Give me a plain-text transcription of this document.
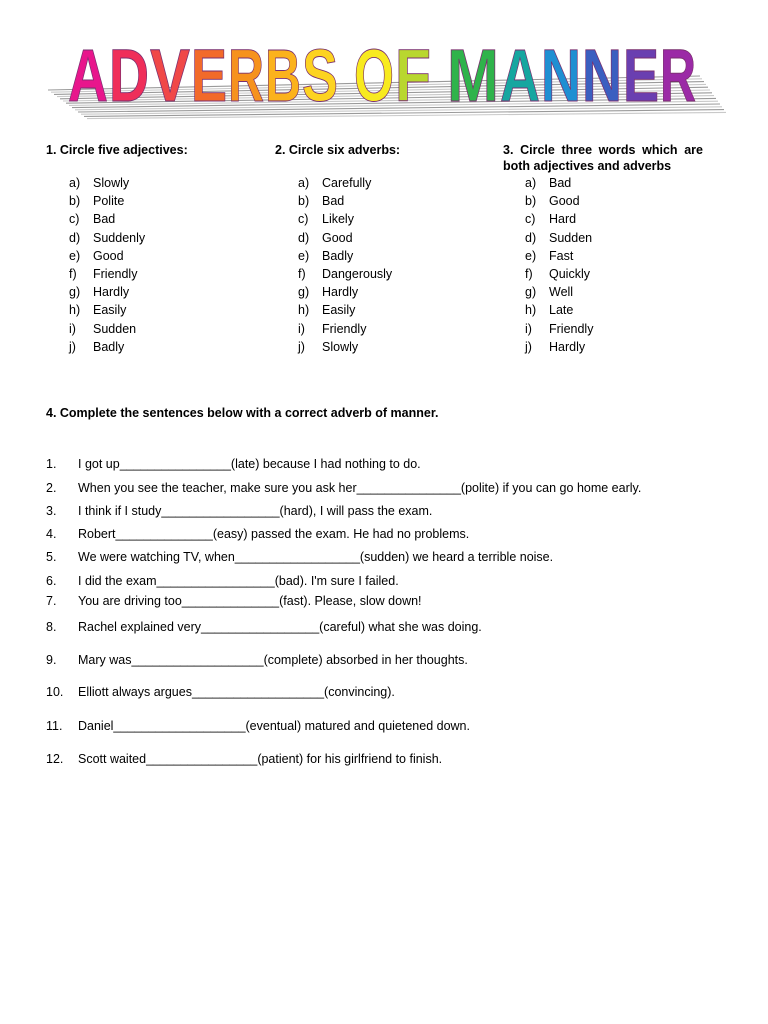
A D V E R B S O F M A N N E R
1. Circle five adjectives:
a) Slowly
b) Polite
c) Bad
d) Suddenly
e) Good
f) Friendly
g) Hardly
h) Easily
i) Sudden
j) Badly
2. Circle six adverbs:
a) Carefully
b) Bad
c) Likely
d) Good
e) Badly
f) Dangerously
g) Hardly
h) Easily
i) Friendly
j) Slowly
3. Circle three words which are both adjectives and adverbs
a) Bad
b) Good
c) Hard
d) Sudden
e) Fast
f) Quickly
g) Well
h) Late
i) Friendly
j) Hardly
4. Complete the sentences below with a correct adverb of manner.
1. I got up________________(late) because I had nothing to do.
2. When you see the teacher, make sure you ask her_______________(polite) if you can go home early.
3. I think if I study_________________(hard), I will pass the exam.
4. Robert______________(easy) passed the exam. He had no problems.
5. We were watching TV, when__________________(sudden) we heard a terrible noise.
6. I did the exam_________________(bad). I'm sure I failed.
7. You are driving too______________(fast). Please, slow down!
8. Rachel explained very_________________(careful) what she was doing.
9. Mary was___________________(complete) absorbed in her thoughts.
10. Elliott always argues___________________(convincing).
11. Daniel___________________(eventual) matured and quietened down.
12. Scott waited________________(patient) for his girlfriend to finish.
